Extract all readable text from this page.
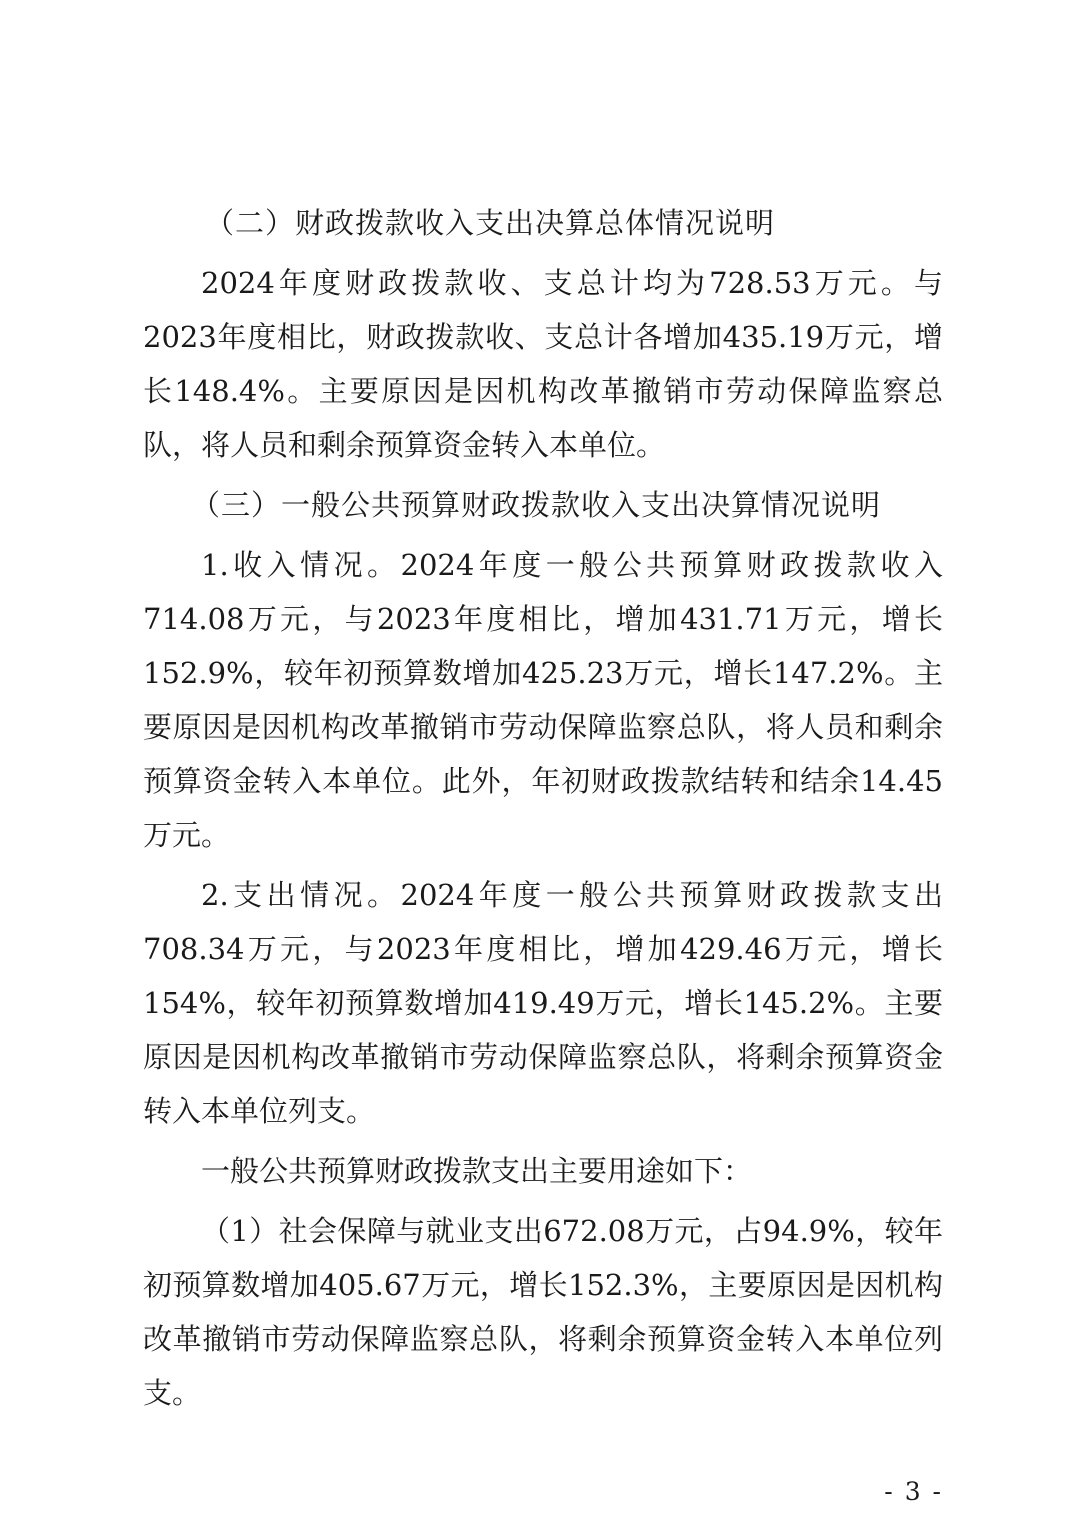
（二）财政拨款收入支出决算总体情况说明
2024年度财政拨款收、支总计均为728.53万元。与2023年度相比，财政拨款收、支总计各增加435.19万元，增长148.4%。主要原因是因机构改革撤销市劳动保障监察总队，将人员和剩余预算资金转入本单位。
（三）一般公共预算财政拨款收入支出决算情况说明
1.收入情况。2024年度一般公共预算财政拨款收入714.08万元，与2023年度相比，增加431.71万元，增长152.9%，较年初预算数增加425.23万元，增长147.2%。主要原因是因机构改革撤销市劳动保障监察总队，将人员和剩余预算资金转入本单位。此外，年初财政拨款结转和结余14.45万元。
2.支出情况。2024年度一般公共预算财政拨款支出708.34万元，与2023年度相比，增加429.46万元，增长154%，较年初预算数增加419.49万元，增长145.2%。主要原因是因机构改革撤销市劳动保障监察总队，将剩余预算资金转入本单位列支。
一般公共预算财政拨款支出主要用途如下：
（1）社会保障与就业支出672.08万元，占94.9%，较年初预算数增加405.67万元，增长152.3%，主要原因是因机构改革撤销市劳动保障监察总队，将剩余预算资金转入本单位列支。
- 3 -
